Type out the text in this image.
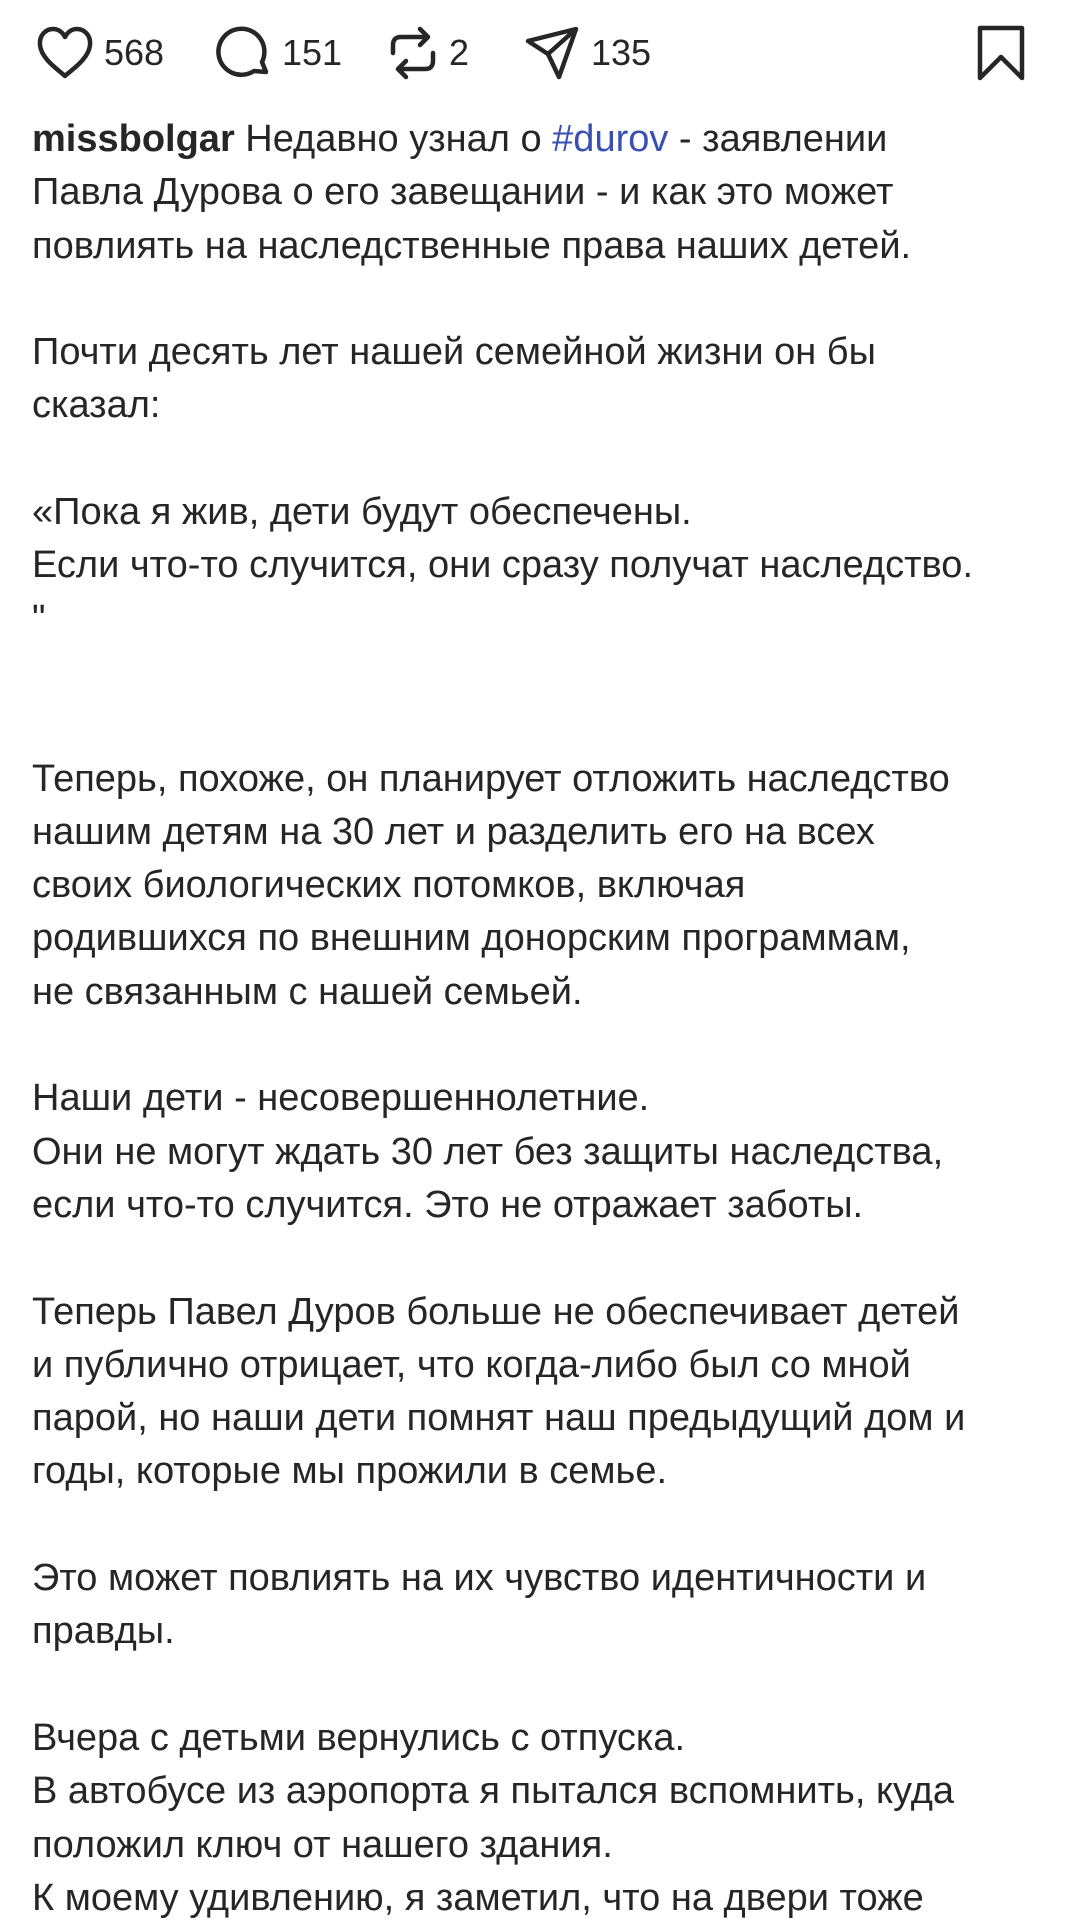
568	151	2	135

missbolgar Недавно узнал о #durov - заявлении
Павла Дурова о его завещании - и как это может
повлиять на наследственные права наших детей.

Почти десять лет нашей семейной жизни он бы
сказал:

«Пока я жив, дети будут обеспечены.
Если что-то случится, они сразу получат наследство.
"

Теперь, похоже, он планирует отложить наследство
нашим детям на 30 лет и разделить его на всех
своих биологических потомков, включая
родившихся по внешним донорским программам,
не связанным с нашей семьей.

Наши дети - несовершеннолетние.
Они не могут ждать 30 лет без защиты наследства,
если что-то случится. Это не отражает заботы.

Теперь Павел Дуров больше не обеспечивает детей
и публично отрицает, что когда-либо был со мной
парой, но наши дети помнят наш предыдущий дом и
годы, которые мы прожили в семье.

Это может повлиять на их чувство идентичности и
правды.

Вчера с детьми вернулись с отпуска.
В автобусе из аэропорта я пытался вспомнить, куда
положил ключ от нашего здания.
К моему удивлению, я заметил, что на двери тоже
